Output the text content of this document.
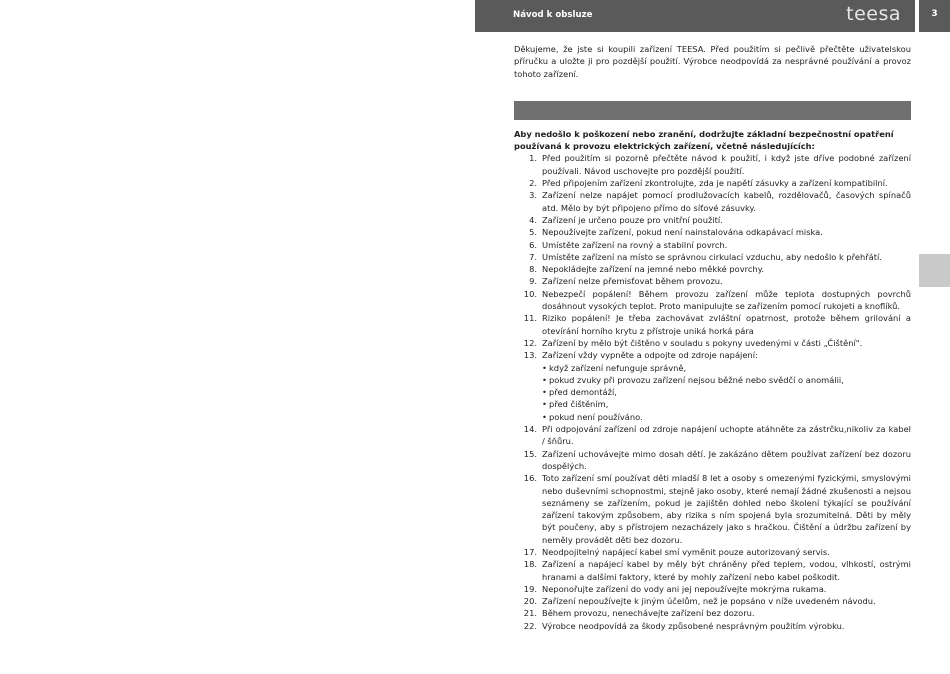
Návod k obsluze	teesa	3

Děkujeme, že jste si koupili zařízení TEESA. Před použitím si pečlivě přečtěte uživatelskou příručku a uložte ji pro pozdější použití. Výrobce neodpovídá za nesprávné používání a provoz tohoto zařízení.

Aby nedošlo k poškození nebo zranění, dodržujte základní bezpečnostní opatření používaná k provozu elektrických zařízení, včetně následujících:

1. Před použitím si pozorně přečtěte návod k použití, i když jste dříve podobné zařízení používali. Návod uschovejte pro pozdější použití.
2. Před připojením zařízení zkontrolujte, zda je napětí zásuvky a zařízení kompatibilní.
3. Zařízení nelze napájet pomocí prodlužovacích kabelů, rozdělovačů, časových spínačů atd. Mělo by být připojeno přímo do síťové zásuvky.
4. Zařízení je určeno pouze pro vnitřní použití.
5. Nepoužívejte zařízení, pokud není nainstalována odkapávací miska.
6. Umístěte zařízení na rovný a stabilní povrch.
7. Umístěte zařízení na místo se správnou cirkulací vzduchu, aby nedošlo k přehřátí.
8. Nepokládejte zařízení na jemné nebo měkké povrchy.
9. Zařízení nelze přemisťovat během provozu.
10. Nebezpečí popálení! Během provozu zařízení může teplota dostupných povrchů dosáhnout vysokých teplot. Proto manipulujte se zařízením pomocí rukojeti a knoflíků.
11. Riziko popálení! Je třeba zachovávat zvláštní opatrnost, protože během grilování a otevírání horního krytu z přístroje uniká horká pára
12. Zařízení by mělo být čištěno v souladu s pokyny uvedenými v části „Čištění".
13. Zařízení vždy vypněte a odpojte od zdroje napájení:
• když zařízení nefunguje správně,
• pokud zvuky při provozu zařízení nejsou běžné nebo svědčí o anomálii,
• před demontáží,
• před čištěním,
• pokud není používáno.
14. Při odpojování zařízení od zdroje napájení uchopte atáhněte za zástrčku,nikoliv za kabel / šňůru.
15. Zařízení uchovávejte mimo dosah dětí. Je zakázáno dětem používat zařízení bez dozoru dospělých.
16. Toto zařízení smí používat děti mladší 8 let a osoby s omezenými fyzickými, smyslovými nebo duševními schopnostmi, stejně jako osoby, které nemají žádné zkušenosti a nejsou seznámeny se zařízením, pokud je zajištěn dohled nebo školení týkající se používání zařízení takovým způsobem, aby rizika s ním spojená byla srozumitelná. Děti by měly být poučeny, aby s přístrojem nezacházely jako s hračkou. Čištění a údržbu zařízení by neměly provádět děti bez dozoru.
17. Neodpojitelný napájecí kabel smí vyměnit pouze autorizovaný servis.
18. Zařízení a napájecí kabel by měly být chráněny před teplem, vodou, vlhkostí, ostrými hranami a dalšími faktory, které by mohly zařízení nebo kabel poškodit.
19. Neponořujte zařízení do vody ani jej nepoužívejte mokrýma rukama.
20. Zařízení nepoužívejte k jiným účelům, než je popsáno v níže uvedeném návodu.
21. Během provozu, nenechávejte zařízení bez dozoru.
22. Výrobce neodpovídá za škody způsobené nesprávným použitím výrobku.
